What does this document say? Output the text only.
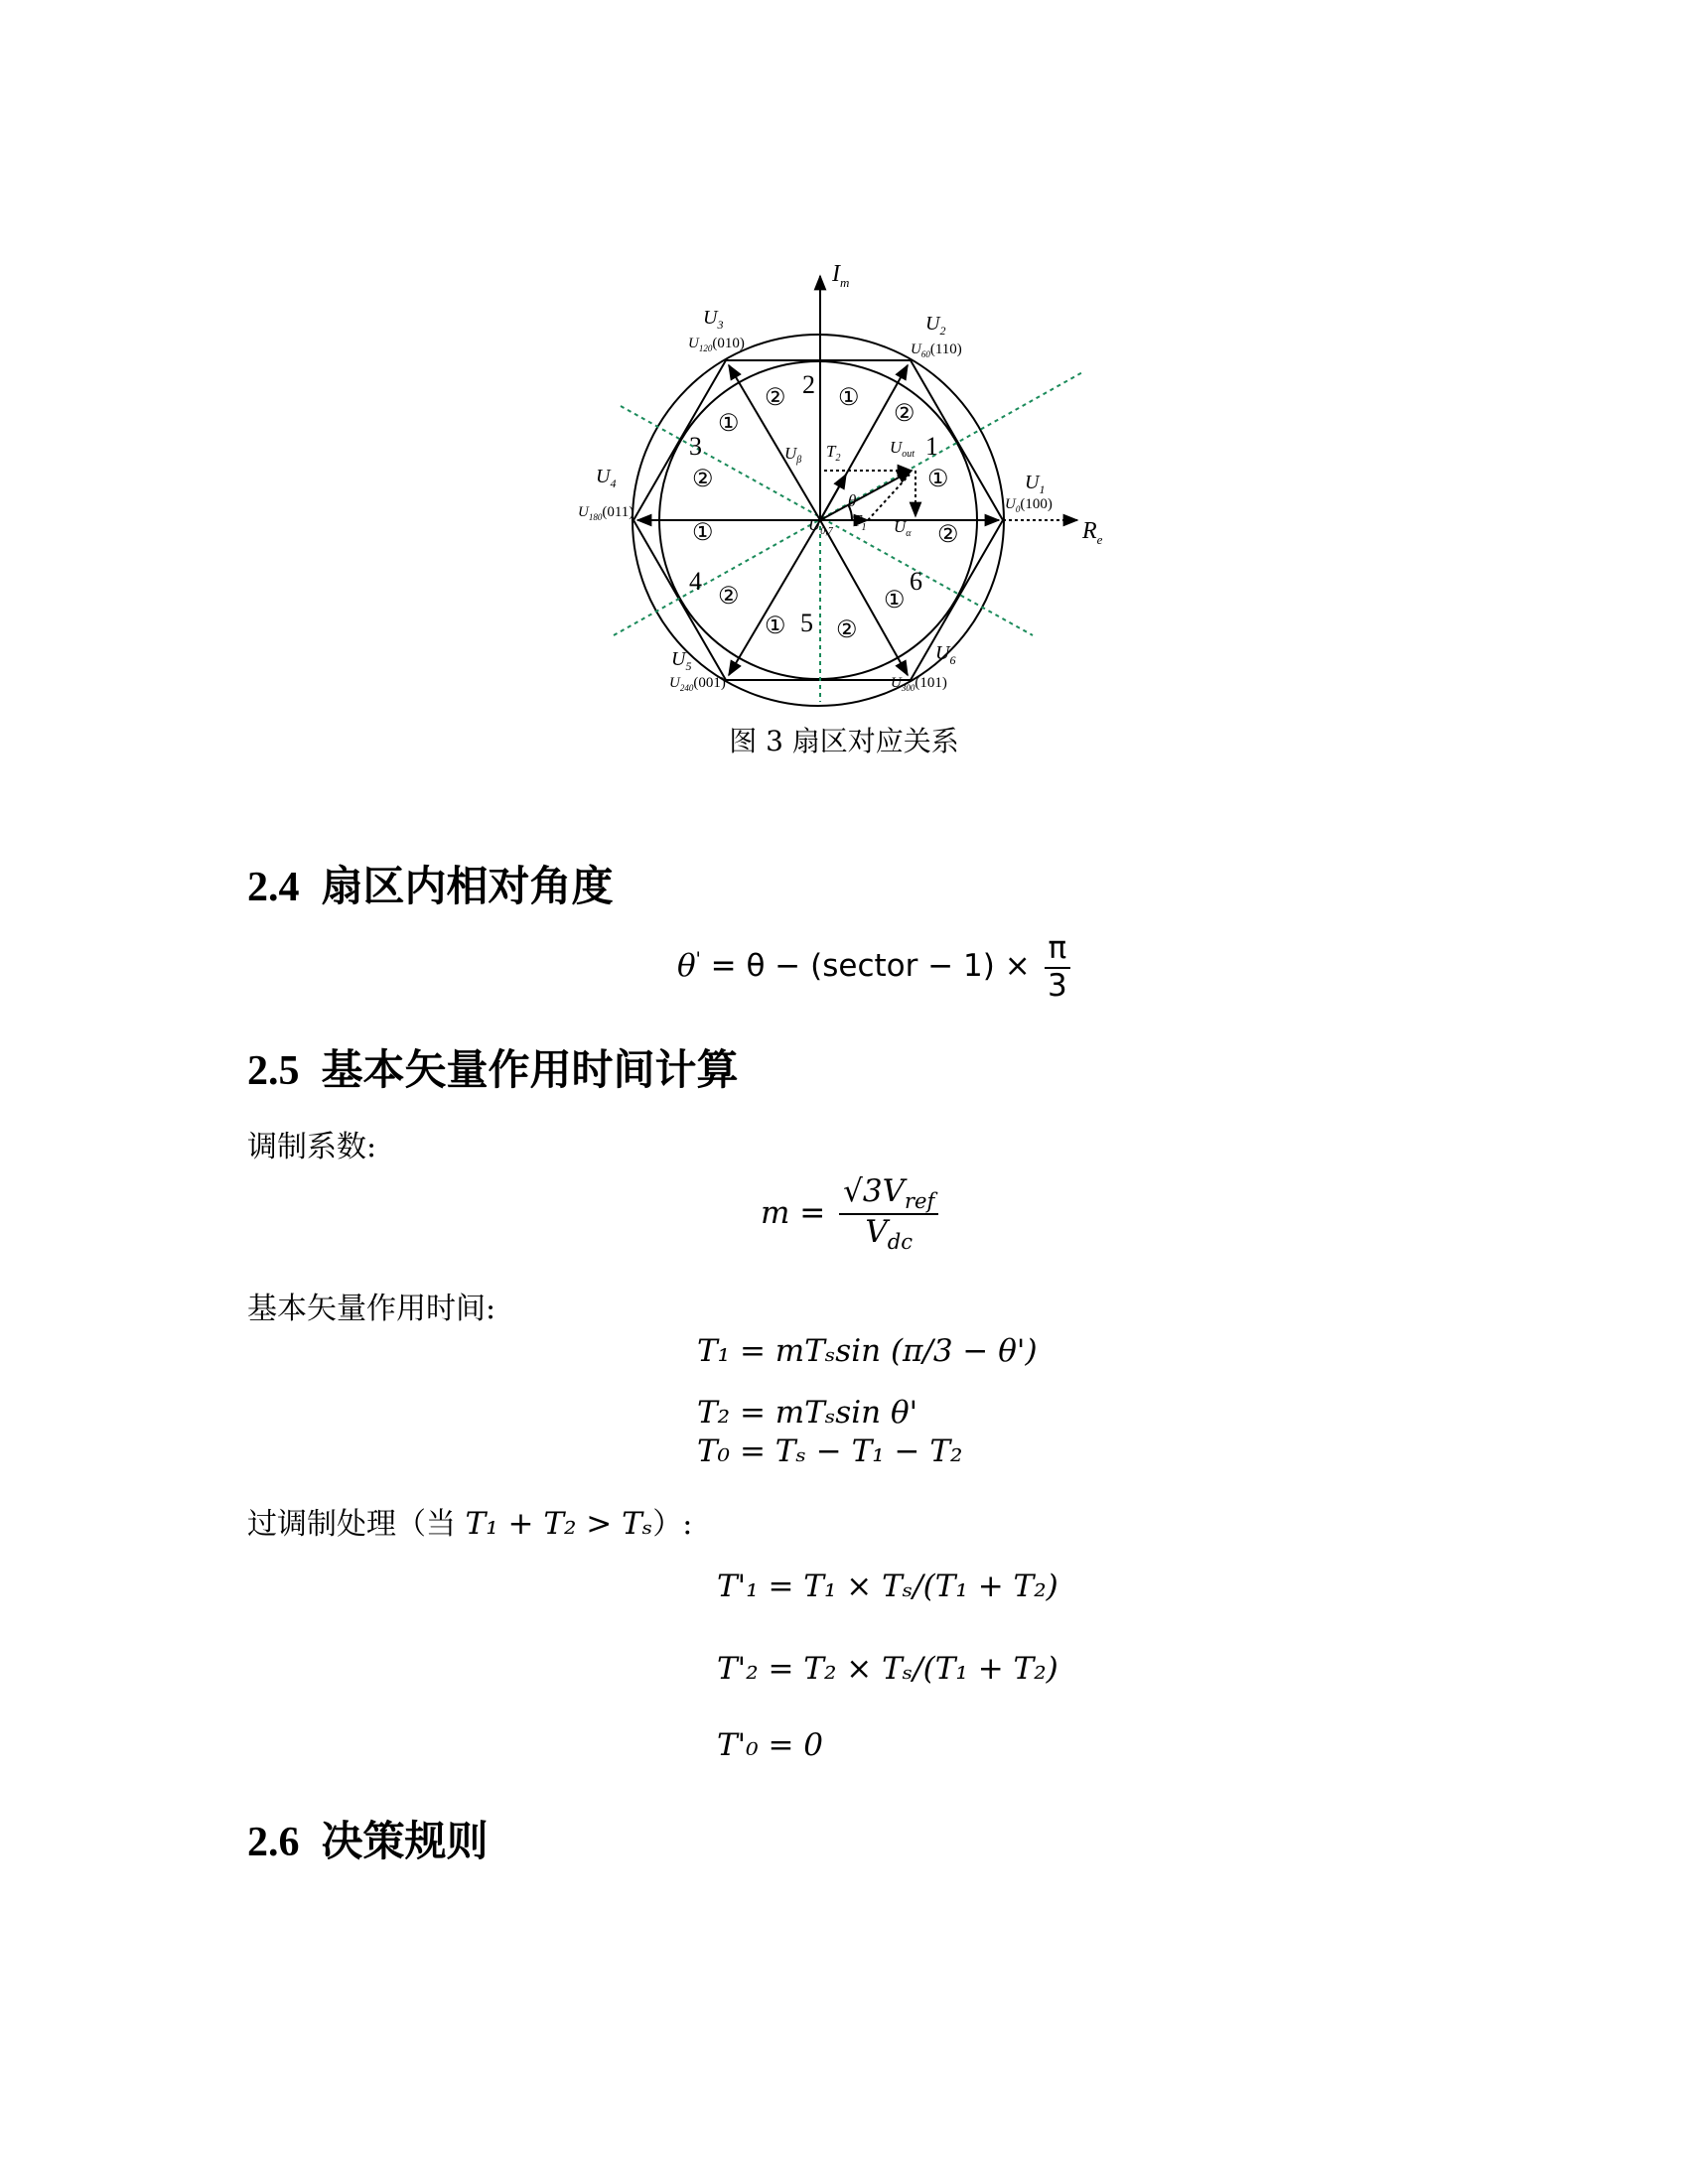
$I_m$
$R_e$
$U_1$
$U_0(100)$
$U_2$
$U_{60}(110)$
$U_3$
$U_{120}(010)$
$U_4$
$U_{180}(011)$
$U_5$
$U_{240}(001)$
$U_6$
$U_{300}(101)$
1
2
3
4
5
6
② ①
②
①
②	①
①	②
②	①
① ②
$U_\beta$ $T_2$
$U_{out}$
θ
$T_1$ $U_\alpha$
$U_{0,7}$
图 3 扇区对应关系
2.4 扇区内相对角度
θ' = θ − (sector − $1) \times \frac{\pi}{3}$
2.5 基本矢量作用时间计算
调制系数:
$m = \frac{√3V_{ref}}{V_{dc}}$
基本矢量作用时间:
T₁ = mTₛsin (π/3 − θ')
T₂ = mTₛsin θ'
T₀ = Tₛ − T₁ − T₂
过调制处理（当 T₁ + T₂ > Tₛ）:
T'₁ = T₁ × Tₛ/(T₁ + T₂)
T'₂ = T₂ × Tₛ/(T₁ + T₂)
T'₀ = 0
2.6 决策规则
